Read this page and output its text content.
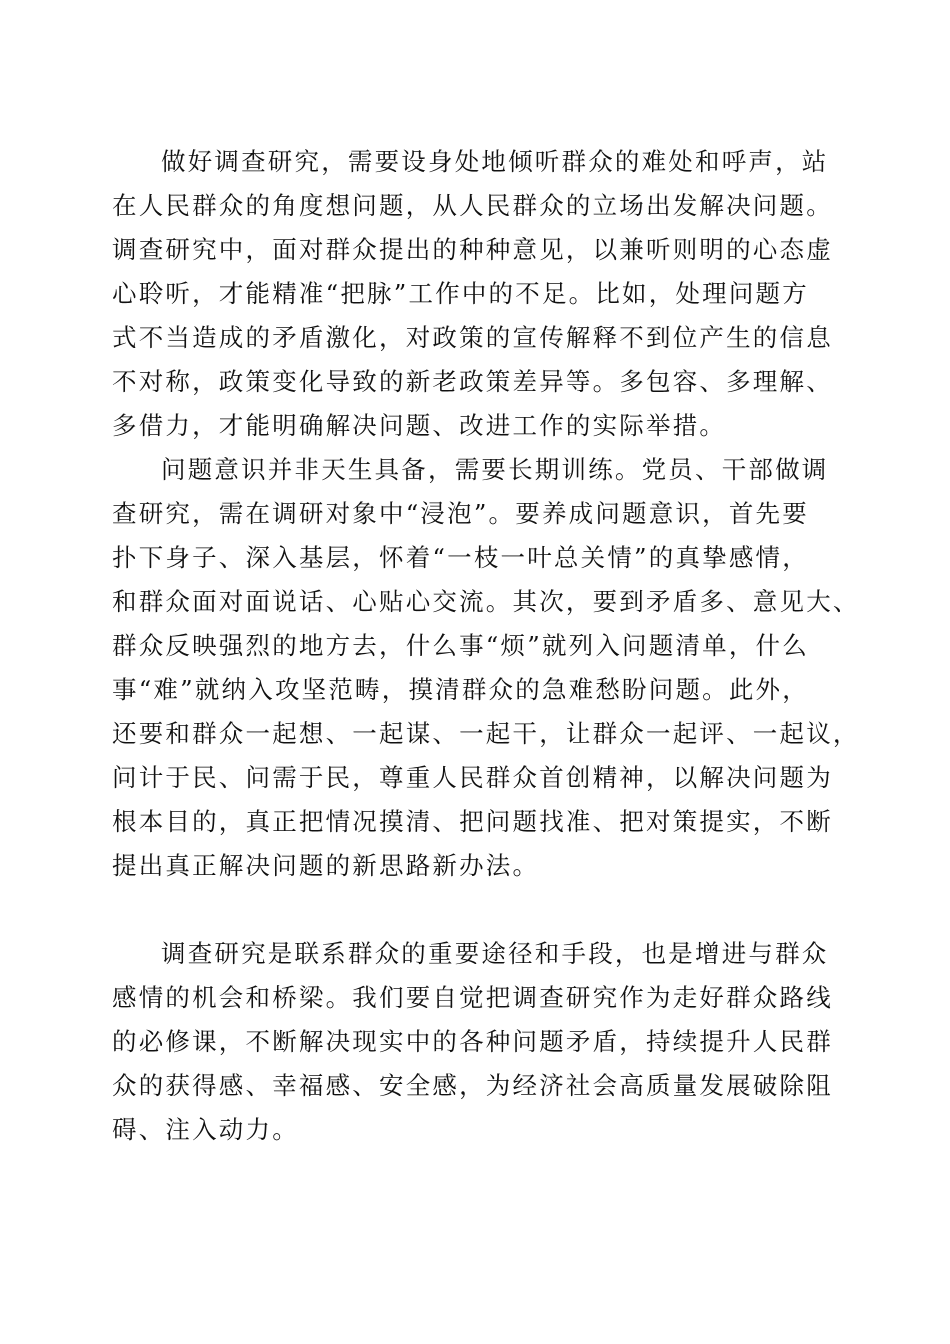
做好调查研究，需要设身处地倾听群众的难处和呼声，站
在人民群众的角度想问题，从人民群众的立场出发解决问题。
调查研究中，面对群众提出的种种意见，以兼听则明的心态虚
心聆听，才能精准“把脉”工作中的不足。比如，处理问题方
式不当造成的矛盾激化，对政策的宣传解释不到位产生的信息
不对称，政策变化导致的新老政策差异等。多包容、多理解、
多借力，才能明确解决问题、改进工作的实际举措。
问题意识并非天生具备，需要长期训练。党员、干部做调
查研究，需在调研对象中“浸泡”。要养成问题意识，首先要
扑下身子、深入基层，怀着“一枝一叶总关情”的真挚感情，
和群众面对面说话、心贴心交流。其次，要到矛盾多、意见大、
群众反映强烈的地方去，什么事“烦”就列入问题清单，什么
事“难”就纳入攻坚范畴，摸清群众的急难愁盼问题。此外，
还要和群众一起想、一起谋、一起干，让群众一起评、一起议，
问计于民、问需于民，尊重人民群众首创精神，以解决问题为
根本目的，真正把情况摸清、把问题找准、把对策提实，不断
提出真正解决问题的新思路新办法。
调查研究是联系群众的重要途径和手段，也是增进与群众
感情的机会和桥梁。我们要自觉把调查研究作为走好群众路线
的必修课，不断解决现实中的各种问题矛盾，持续提升人民群
众的获得感、幸福感、安全感，为经济社会高质量发展破除阻
碍、注入动力。
